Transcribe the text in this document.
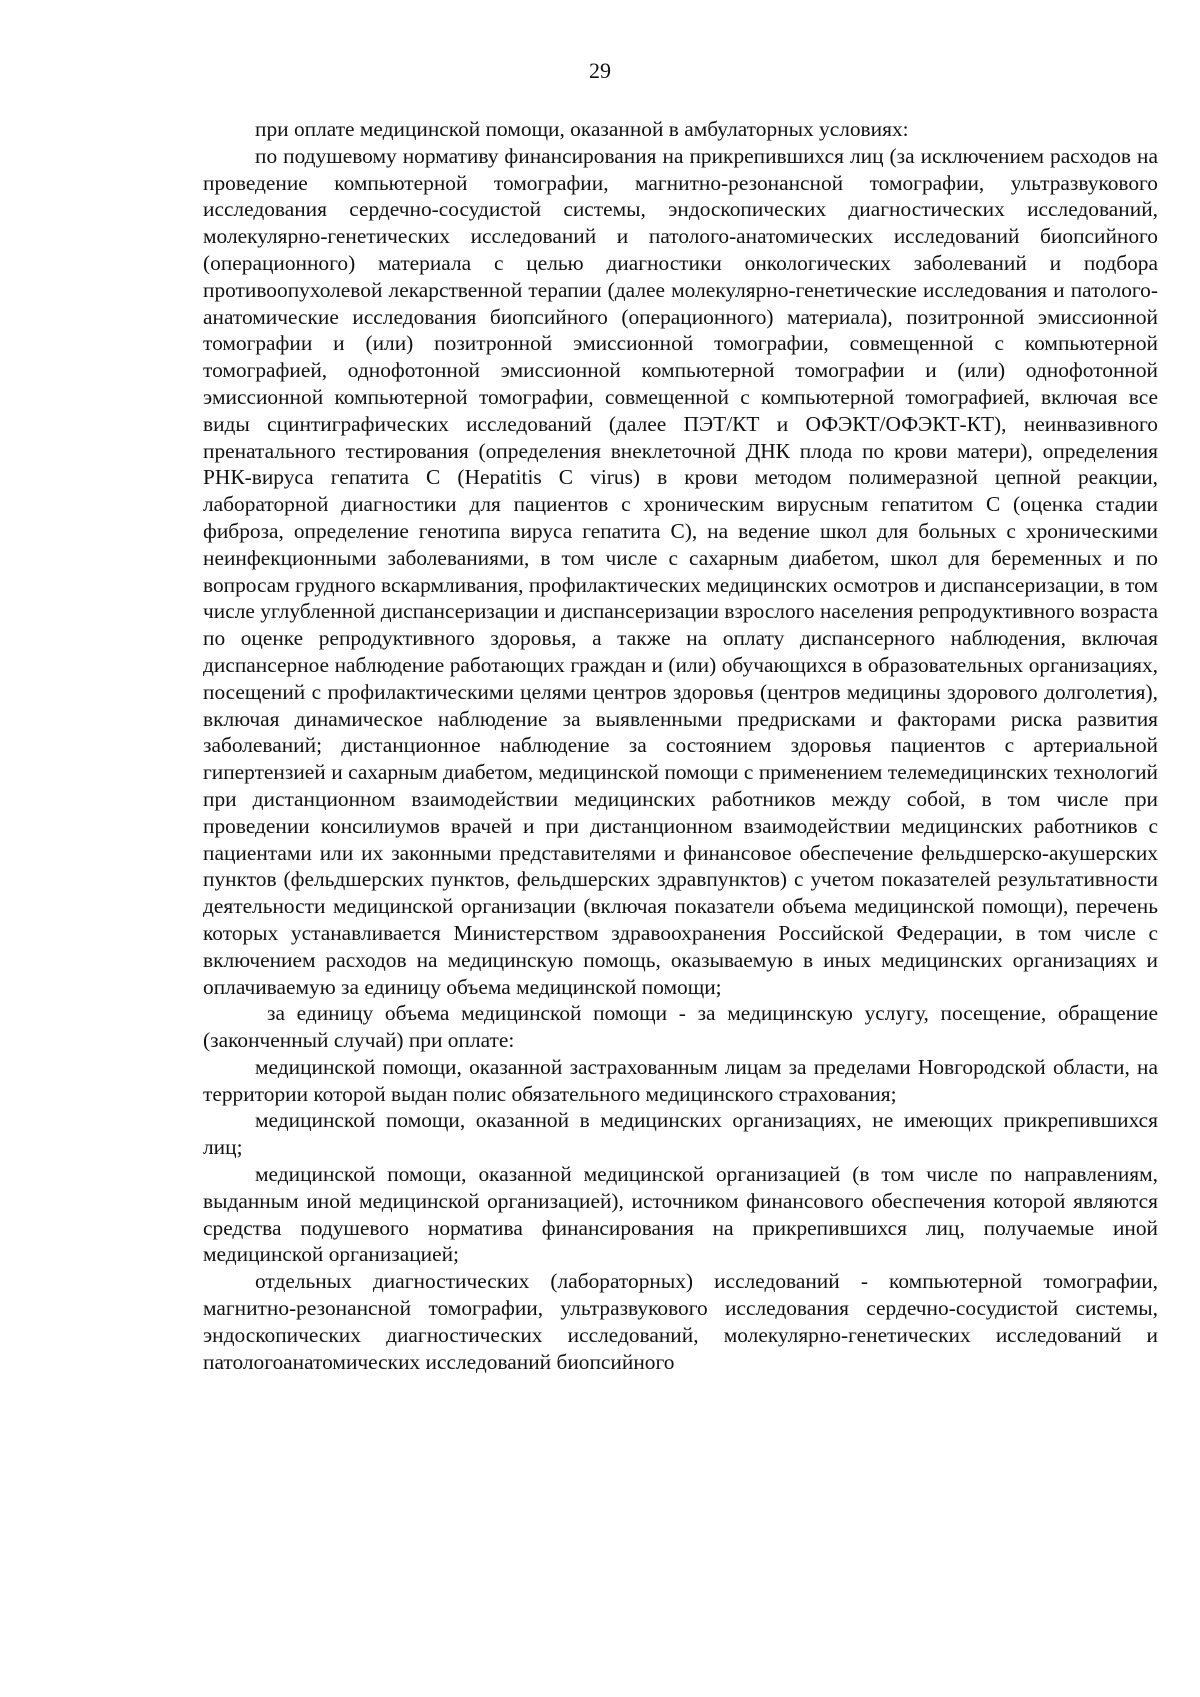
29

при оплате медицинской помощи, оказанной в амбулаторных условиях:

по подушевому нормативу финансирования на прикрепившихся лиц (за исключением расходов на проведение компьютерной томографии, магнитно-резонансной томографии, ультразвукового исследования сердечно-сосудистой системы, эндоскопических диагностических исследований, молекулярно-генетических исследований и патолого-анатомических исследований биопсийного (операционного) материала с целью диагностики онкологических заболеваний и подбора противоопухолевой лекарственной терапии (далее молекулярно-генетические исследования и патолого-анатомические исследования биопсийного (операционного) материала), позитронной эмиссионной томографии и (или) позитронной эмиссионной томографии, совмещенной с компьютерной томографией, однофотонной эмиссионной компьютерной томографии и (или) однофотонной эмиссионной компьютерной томографии, совмещенной с компьютерной томографией, включая все виды сцинтиграфических исследований (далее ПЭТ/КТ и ОФЭКТ/ОФЭКТ-КТ), неинвазивного пренатального тестирования (определения внеклеточной ДНК плода по крови матери), определения РНК-вируса гепатита С (Hepatitis C virus) в крови методом полимеразной цепной реакции, лабораторной диагностики для пациентов с хроническим вирусным гепатитом С (оценка стадии фиброза, определение генотипа вируса гепатита С), на ведение школ для больных с хроническими неинфекционными заболеваниями, в том числе с сахарным диабетом, школ для беременных и по вопросам грудного вскармливания, профилактических медицинских осмотров и диспансеризации, в том числе углубленной диспансеризации и диспансеризации взрослого населения репродуктивного возраста по оценке репродуктивного здоровья, а также на оплату диспансерного наблюдения, включая диспансерное наблюдение работающих граждан и (или) обучающихся в образовательных организациях, посещений с профилактическими целями центров здоровья (центров медицины здорового долголетия), включая динамическое наблюдение за выявленными предрисками и факторами риска развития заболеваний; дистанционное наблюдение за состоянием здоровья пациентов с артериальной гипертензией и сахарным диабетом, медицинской помощи с применением телемедицинских технологий при дистанционном взаимодействии медицинских работников между собой, в том числе при проведении консилиумов врачей и при дистанционном взаимодействии медицинских работников с пациентами или их законными представителями и финансовое обеспечение фельдшерско-акушерских пунктов (фельдшерских пунктов, фельдшерских здравпунктов) с учетом показателей результативности деятельности медицинской организации (включая показатели объема медицинской помощи), перечень которых устанавливается Министерством здравоохранения Российской Федерации, в том числе с включением расходов на медицинскую помощь, оказываемую в иных медицинских организациях и оплачиваемую за единицу объема медицинской помощи;

за единицу объема медицинской помощи - за медицинскую услугу, посещение, обращение (законченный случай) при оплате:

медицинской помощи, оказанной застрахованным лицам за пределами Новгородской области, на территории которой выдан полис обязательного медицинского страхования;

медицинской помощи, оказанной в медицинских организациях, не имеющих прикрепившихся лиц;

медицинской помощи, оказанной медицинской организацией (в том числе по направлениям, выданным иной медицинской организацией), источником финансового обеспечения которой являются средства подушевого норматива финансирования на прикрепившихся лиц, получаемые иной медицинской организацией;

отдельных диагностических (лабораторных) исследований - компьютерной томографии, магнитно-резонансной томографии, ультразвукового исследования сердечно-сосудистой системы, эндоскопических диагностических исследований, молекулярно-генетических исследований и патологоанатомических исследований биопсийного
